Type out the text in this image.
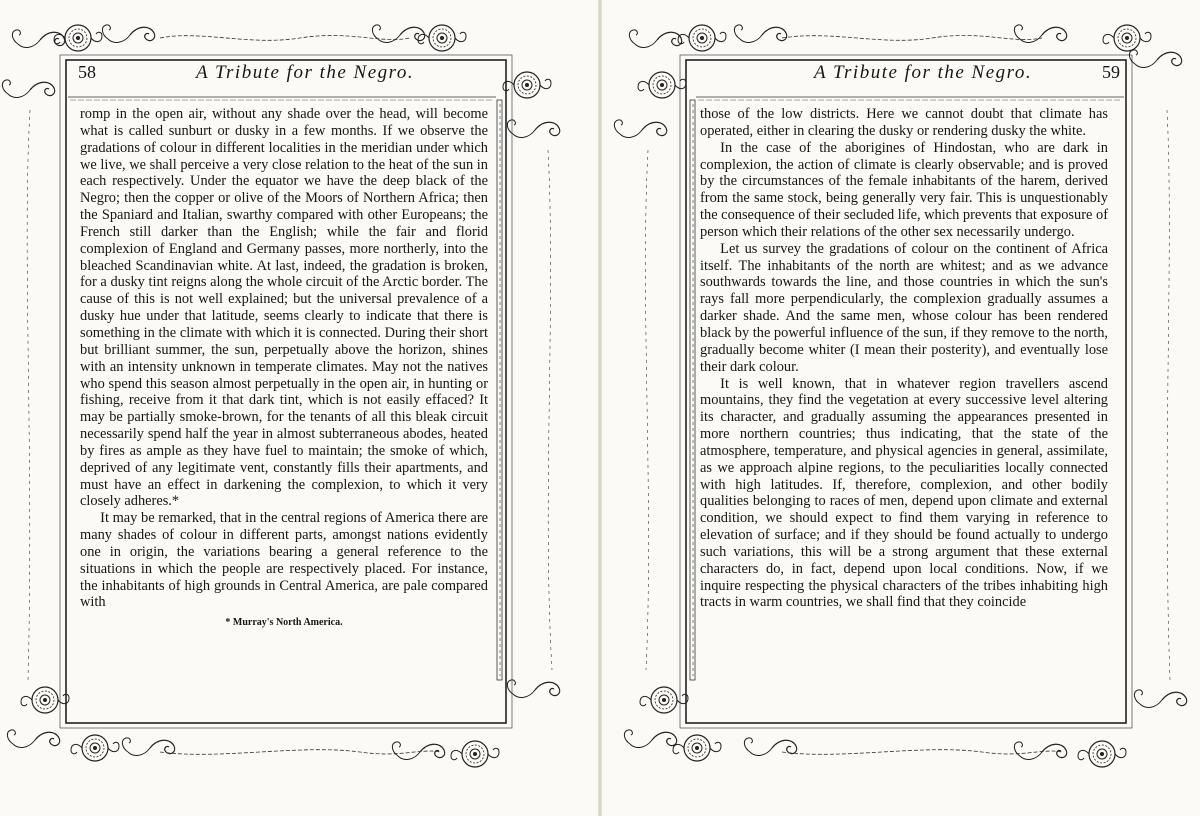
58	A Tribute for the Negro.

romp in the open air, without any shade over the head, will become what is called sunburt or dusky in a few months. If we observe the gradations of colour in different localities in the meridian under which we live, we shall perceive a very close relation to the heat of the sun in each respectively. Under the equator we have the deep black of the Negro; then the copper or olive of the Moors of Northern Africa; then the Spaniard and Italian, swarthy compared with other Europeans; the French still darker than the English; while the fair and florid complexion of England and Germany passes, more northerly, into the bleached Scandinavian white. At last, indeed, the gradation is broken, for a dusky tint reigns along the whole circuit of the Arctic border. The cause of this is not well explained; but the universal prevalence of a dusky hue under that latitude, seems clearly to indicate that there is something in the climate with which it is connected. During their short but brilliant summer, the sun, perpetually above the horizon, shines with an intensity unknown in temperate climates. May not the natives who spend this season almost perpetually in the open air, in hunting or fishing, receive from it that dark tint, which is not easily effaced? It may be partially smoke-brown, for the tenants of all this bleak circuit necessarily spend half the year in almost subterraneous abodes, heated by fires as ample as they have fuel to maintain; the smoke of which, deprived of any legitimate vent, constantly fills their apartments, and must have an effect in darkening the complexion, to which it very closely adheres.*

It may be remarked, that in the central regions of America there are many shades of colour in different parts, amongst nations evidently one in origin, the variations bearing a general reference to the situations in which the people are respectively placed. For instance, the inhabitants of high grounds in Central America, are pale compared with

* Murray's North America.
A Tribute for the Negro.	59

those of the low districts. Here we cannot doubt that climate has operated, either in clearing the dusky or rendering dusky the white.

In the case of the aborigines of Hindostan, who are dark in complexion, the action of climate is clearly observable; and is proved by the circumstances of the female inhabitants of the harem, derived from the same stock, being generally very fair. This is unquestionably the consequence of their secluded life, which prevents that exposure of person which their relations of the other sex necessarily undergo.

Let us survey the gradations of colour on the continent of Africa itself. The inhabitants of the north are whitest; and as we advance southwards towards the line, and those countries in which the sun's rays fall more perpendicularly, the complexion gradually assumes a darker shade. And the same men, whose colour has been rendered black by the powerful influence of the sun, if they remove to the north, gradually become whiter (I mean their posterity), and eventually lose their dark colour.

It is well known, that in whatever region travellers ascend mountains, they find the vegetation at every successive level altering its character, and gradually assuming the appearances presented in more northern countries; thus indicating, that the state of the atmosphere, temperature, and physical agencies in general, assimilate, as we approach alpine regions, to the peculiarities locally connected with high latitudes. If, therefore, complexion, and other bodily qualities belonging to races of men, depend upon climate and external condition, we should expect to find them varying in reference to elevation of surface; and if they should be found actually to undergo such variations, this will be a strong argument that these external characters do, in fact, depend upon local conditions. Now, if we inquire respecting the physical characters of the tribes inhabiting high tracts in warm countries, we shall find that they coincide
